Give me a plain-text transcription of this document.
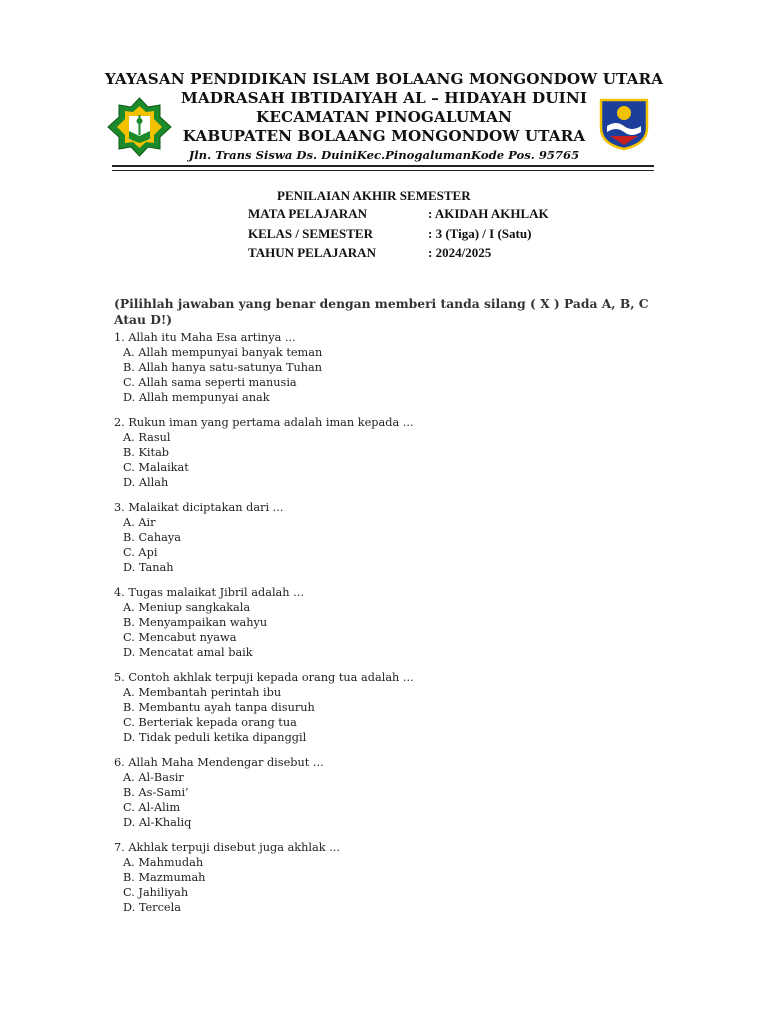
YAYASAN PENDIDIKAN ISLAM BOLAANG MONGONDOW UTARA
MADRASAH IBTIDAIYAH AL – HIDAYAH DUINI
KECAMATAN PINOGALUMAN
KABUPATEN BOLAANG MONGONDOW UTARA
Jln. Trans Siswa Ds. DuiniKec.PinogalumanKode Pos. 95765
PENILAIAN AKHIR SEMESTER
MATA PELAJARAN	: AKIDAH AKHLAK
KELAS / SEMESTER	: 3 (Tiga) / I (Satu)
TAHUN PELAJARAN	: 2024/2025
(Pilihlah jawaban yang benar dengan memberi tanda silang ( X ) Pada A, B, C Atau D!)
1. Allah itu Maha Esa artinya ...
A. Allah mempunyai banyak teman
B. Allah hanya satu-satunya Tuhan
C. Allah sama seperti manusia
D. Allah mempunyai anak
2. Rukun iman yang pertama adalah iman kepada ...
A. Rasul
B. Kitab
C. Malaikat
D. Allah
3. Malaikat diciptakan dari ...
A. Air
B. Cahaya
C. Api
D. Tanah
4. Tugas malaikat Jibril adalah ...
A. Meniup sangkakala
B. Menyampaikan wahyu
C. Mencabut nyawa
D. Mencatat amal baik
5. Contoh akhlak terpuji kepada orang tua adalah ...
A. Membantah perintah ibu
B. Membantu ayah tanpa disuruh
C. Berteriak kepada orang tua
D. Tidak peduli ketika dipanggil
6. Allah Maha Mendengar disebut ...
A. Al-Basir
B. As-Sami’
C. Al-Alim
D. Al-Khaliq
7. Akhlak terpuji disebut juga akhlak ...
A. Mahmudah
B. Mazmumah
C. Jahiliyah
D. Tercela
